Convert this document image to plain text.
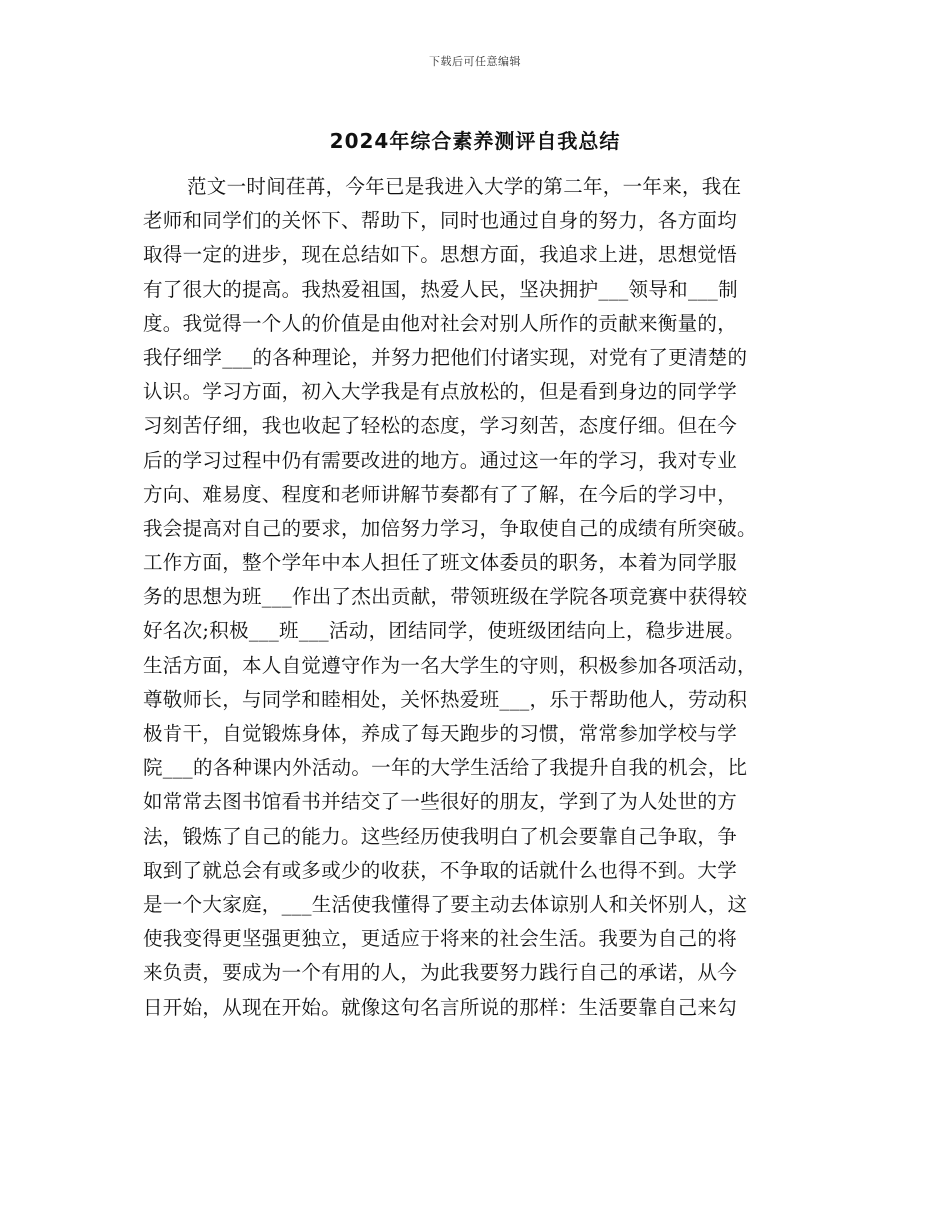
下载后可任意编辑
2024年综合素养测评自我总结
范文一时间荏苒，今年已是我进入大学的第二年，一年来，我在
老师和同学们的关怀下、帮助下，同时也通过自身的努力，各方面均
取得一定的进步，现在总结如下。思想方面，我追求上进，思想觉悟
有了很大的提高。我热爱祖国，热爱人民，坚决拥护___领导和___制
度。我觉得一个人的价值是由他对社会对别人所作的贡献来衡量的，
我仔细学___的各种理论，并努力把他们付诸实现，对党有了更清楚的
认识。学习方面，初入大学我是有点放松的，但是看到身边的同学学
习刻苦仔细，我也收起了轻松的态度，学习刻苦，态度仔细。但在今
后的学习过程中仍有需要改进的地方。通过这一年的学习，我对专业
方向、难易度、程度和老师讲解节奏都有了了解，在今后的学习中，
我会提高对自己的要求，加倍努力学习，争取使自己的成绩有所突破。
工作方面，整个学年中本人担任了班文体委员的职务，本着为同学服
务的思想为班___作出了杰出贡献，带领班级在学院各项竞赛中获得较
好名次;积极___班___活动，团结同学，使班级团结向上，稳步进展。
生活方面，本人自觉遵守作为一名大学生的守则，积极参加各项活动，
尊敬师长，与同学和睦相处，关怀热爱班___，乐于帮助他人，劳动积
极肯干，自觉锻炼身体，养成了每天跑步的习惯，常常参加学校与学
院___的各种课内外活动。一年的大学生活给了我提升自我的机会，比
如常常去图书馆看书并结交了一些很好的朋友，学到了为人处世的方
法，锻炼了自己的能力。这些经历使我明白了机会要靠自己争取，争
取到了就总会有或多或少的收获，不争取的话就什么也得不到。大学
是一个大家庭，___生活使我懂得了要主动去体谅别人和关怀别人，这
使我变得更坚强更独立，更适应于将来的社会生活。我要为自己的将
来负责，要成为一个有用的人，为此我要努力践行自己的承诺，从今
日开始，从现在开始。就像这句名言所说的那样：生活要靠自己来勾
